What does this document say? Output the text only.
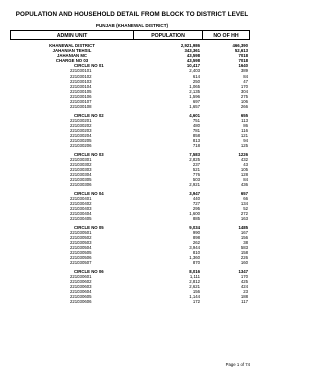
POPULATION AND HOUSEHOLD DETAIL FROM BLOCK TO DISTRICT LEVEL
PUNJAB (KHANEWAL DISTRICT)
ADMIN UNIT	POPULATION	NO OF HH
KHANEWAL DISTRICT	2,921,986	466,390
JAHANIAN TEHSIL	343,361	52,613
JAHANIAN MC	43,598	7018
CHARGE NO 03	43,598	7018
CIRCLE NO 01	10,417	1640
221030101	2,403	389
221030102	614	84
221030103	250	47
221030104	1,065	170
221030105	2,135	304
221030106	1,596	275
221030107	697	106
221030108	1,657	266

CIRCLE NO 02	4,601	655
221030201	751	113
221030202	480	86
221030203	781	116
221030204	858	121
221030205	813	94
221030206	718	125

CIRCLE NO 03	7,583	1226
221030301	2,825	432
221030302	237	43
221030303	521	105
221030304	776	128
221030305	503	84
221030306	2,921	436

CIRCLE NO 04	3,947	657
221030401	440	66
221030402	727	134
221030403	295	52
221030404	1,600	272
221030405	885	163

CIRCLE NO 05	9,034	1485
221030501	990	167
221030502	898	156
221030503	262	38
221030504	3,944	583
221030505	810	158
221030506	1,360	226
221030507	870	160

CIRCLE NO 06	8,016	1347
221030601	1,111	170
221030602	2,812	425
221030603	2,621	424
221030604	156	23
221030605	1,144	188
221030606	172	117
Page 1 of 74
